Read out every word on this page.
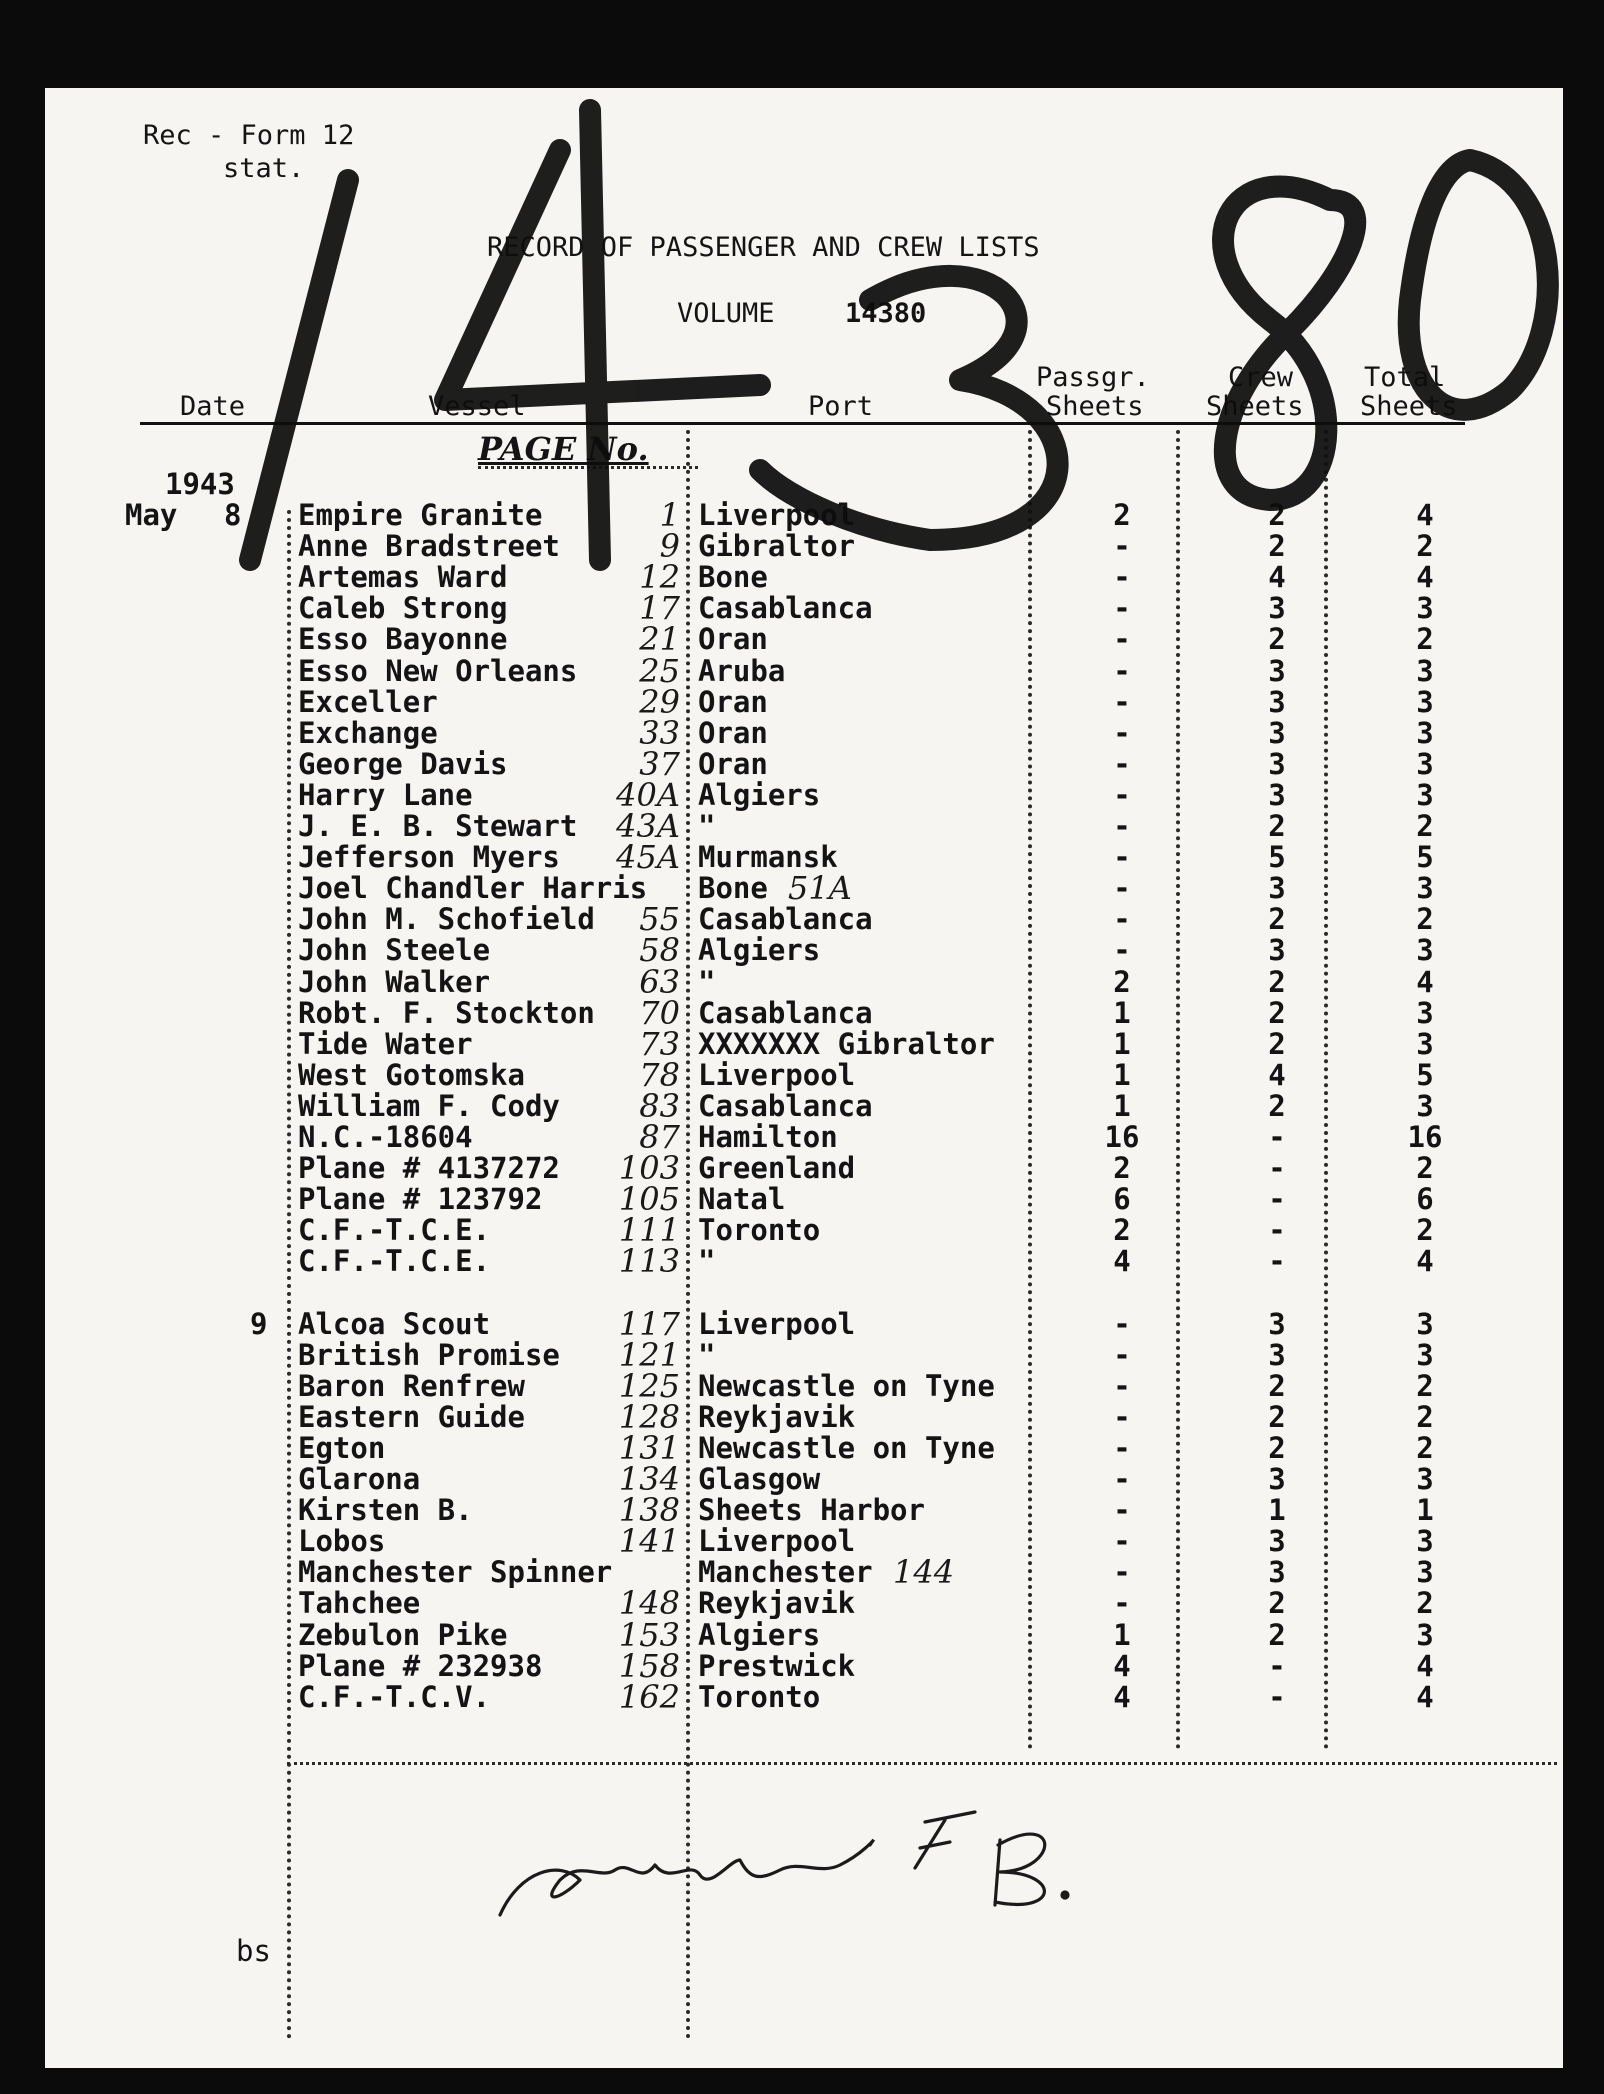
Rec - Form 12
stat.
RECORD OF PASSENGER AND CREW LISTS
VOLUME	14380
Date	Vessel	Port
Passgr.
Sheets
Crew
Sheets
Total
Sheets
PAGE No.
1943
May 8 Empire Granite	1 Liverpool	2	2	4
Anne Bradstreet	9 Gibraltor	-	2	2
Artemas Ward	12 Bone	-	4	4
Caleb Strong	17 Casablanca	-	3	3
Esso Bayonne	21 Oran	-	2	2
Esso New Orleans	25 Aruba	-	3	3
Exceller	29 Oran	-	3	3
Exchange	33 Oran	-	3	3
George Davis	37 Oran	-	3	3
Harry Lane	40A Algiers	-	3	3
J. E. B. Stewart	43A "	-	2	2
Jefferson Myers	45A Murmansk	-	5	5
Joel Chandler Harris Bone 51A	-	3	3
John M. Schofield	55 Casablanca	-	2	2
John Steele	58 Algiers	-	3	3
John Walker	63 "	2	2	4
Robt. F. Stockton	70 Casablanca	1	2	3
Tide Water	73 XXXXXXX Gibraltor	1	2	3
West Gotomska	78 Liverpool	1	4	5
William F. Cody	83 Casablanca	1	2	3
N.C.-18604	87 Hamilton	16	-	16
Plane # 4137272	103 Greenland	2	-	2
Plane # 123792	105 Natal	6	-	6
C.F.-T.C.E.	111 Toronto	2	-	2
C.F.-T.C.E.	113 "	4	-	4
9 Alcoa Scout	117 Liverpool	-	3	3
British Promise	121 "	-	3	3
Baron Renfrew	125 Newcastle on Tyne	-	2	2
Eastern Guide	128 Reykjavik	-	2	2
Egton	131 Newcastle on Tyne	-	2	2
Glarona	134 Glasgow	-	3	3
Kirsten B.	138 Sheets Harbor	-	1	1
Lobos	141 Liverpool	-	3	3
Manchester Spinner	Manchester 144	-	3	3
Tahchee	148 Reykjavik	-	2	2
Zebulon Pike	153 Algiers	1	2	3
Plane # 232938	158 Prestwick	4	-	4
C.F.-T.C.V.	162 Toronto	4	-	4
bs
Saunders FB.
